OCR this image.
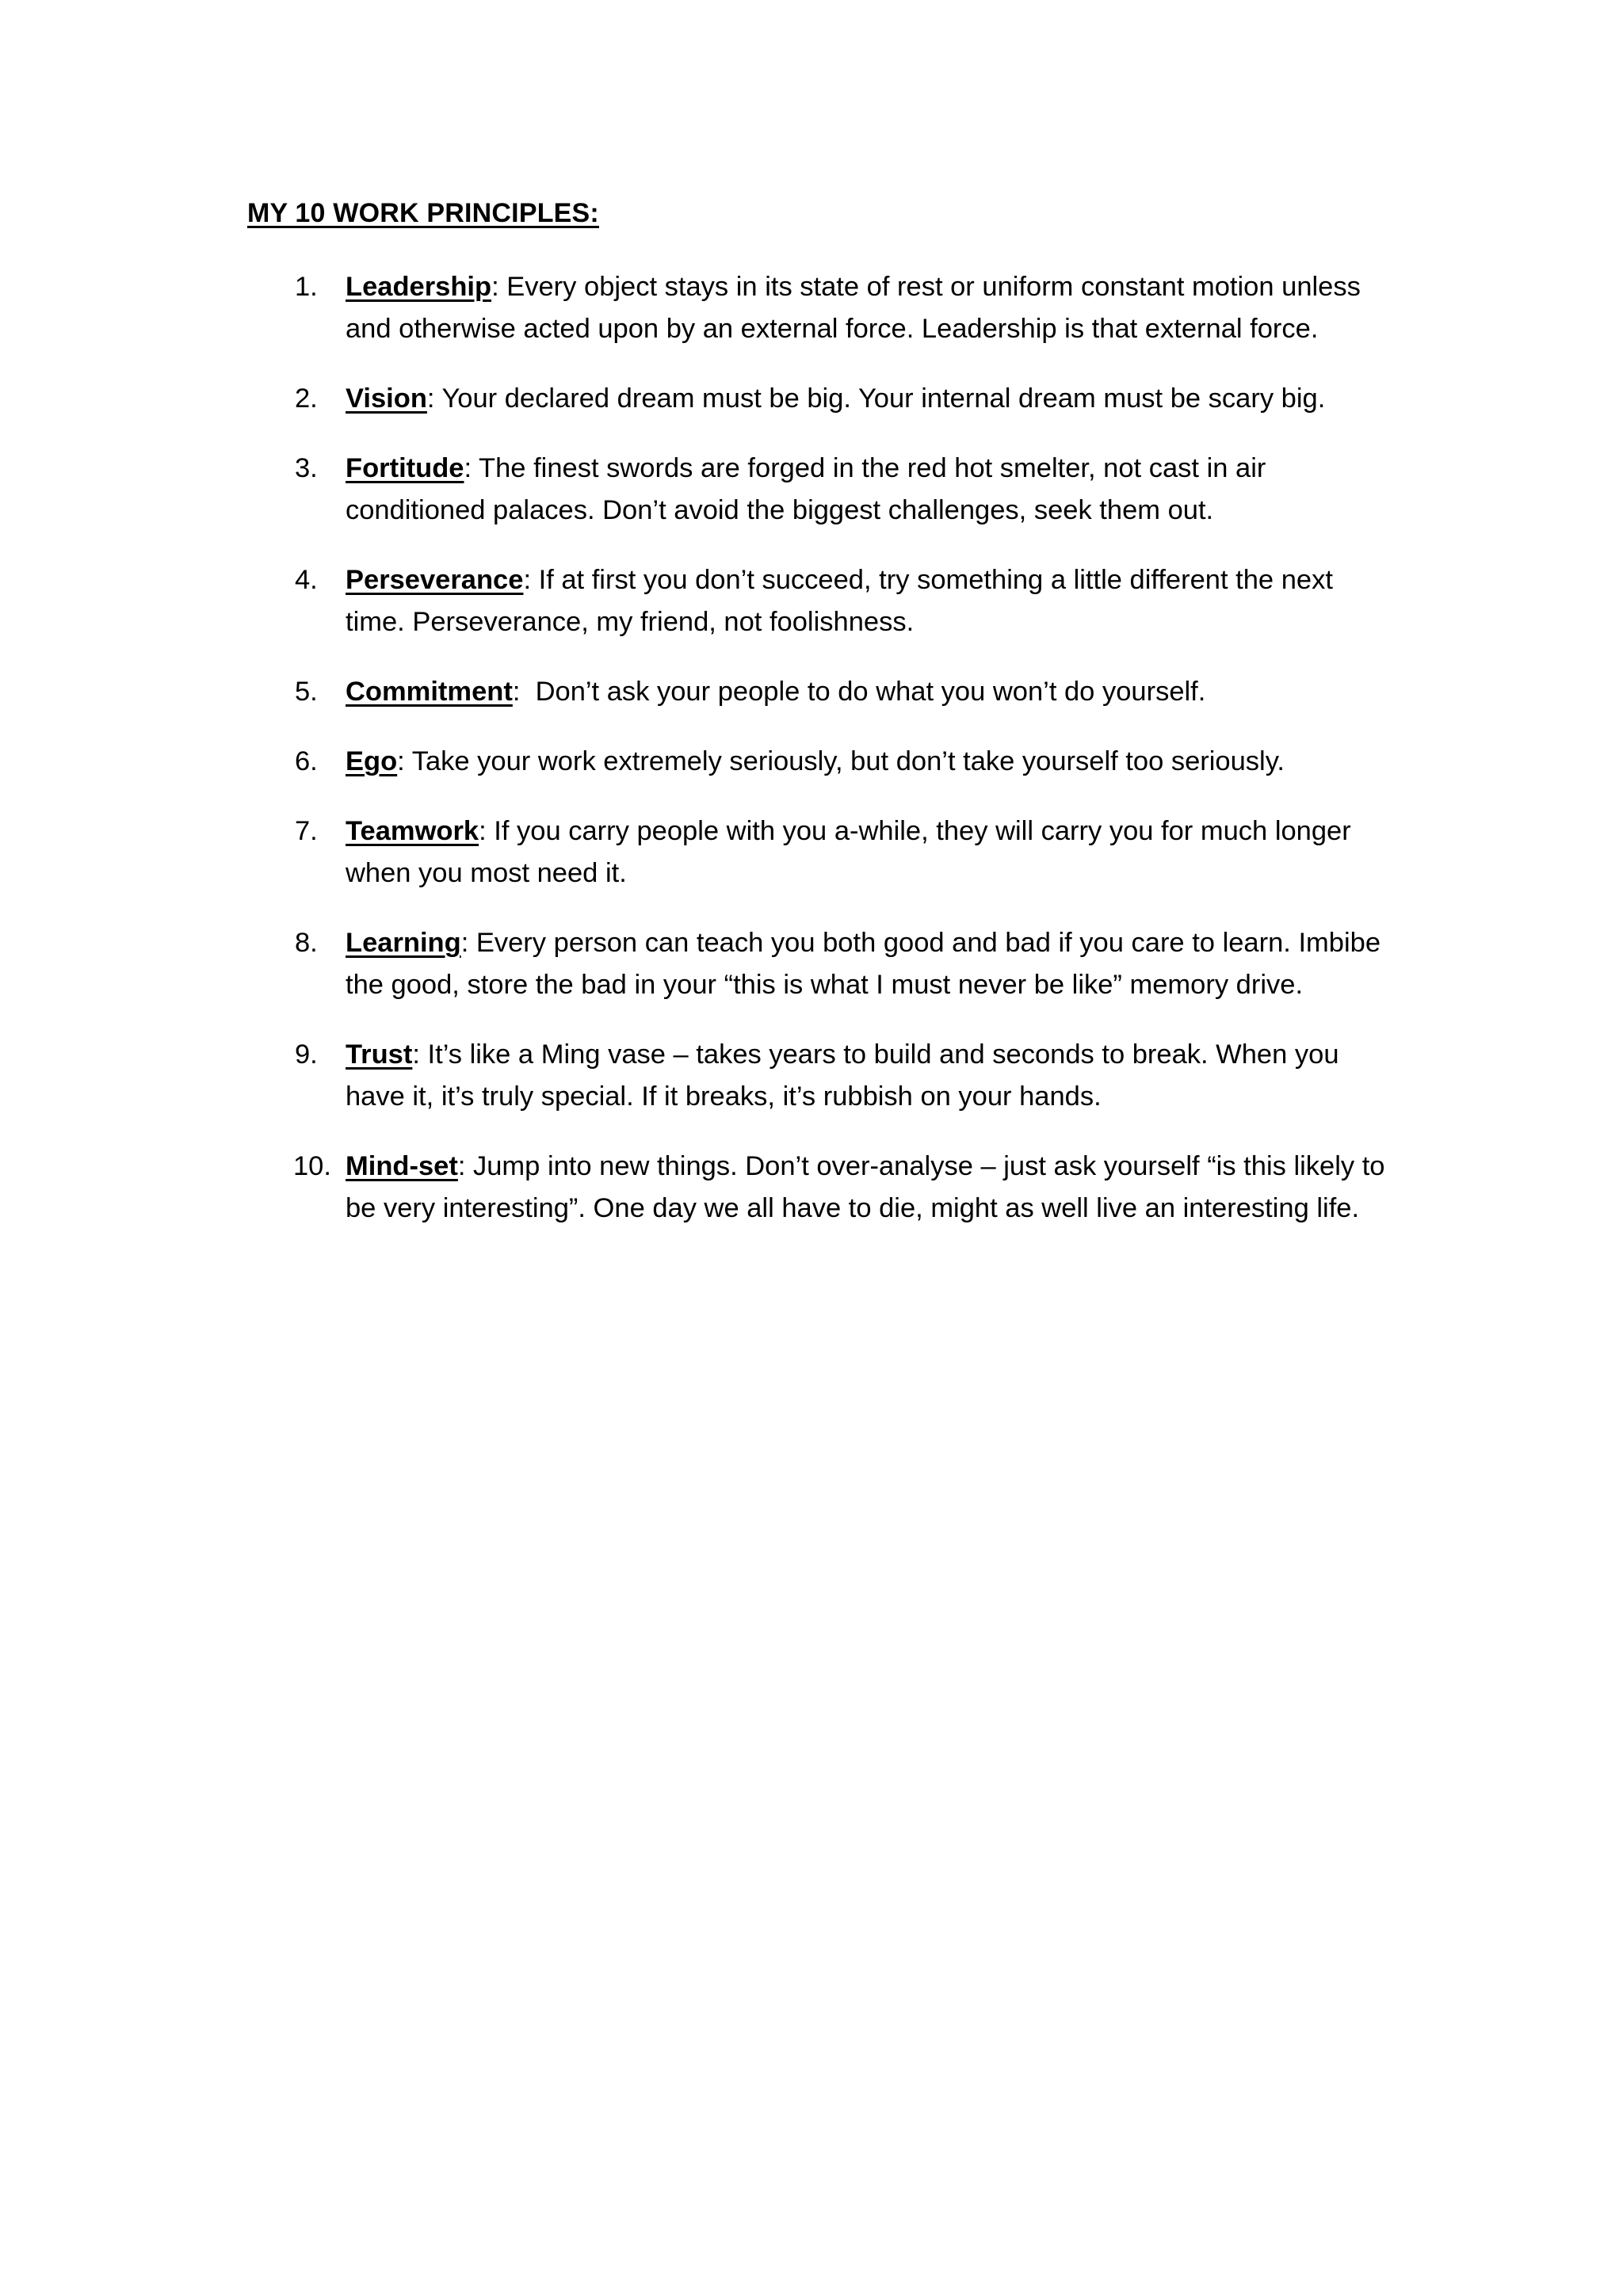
MY 10 WORK PRINCIPLES:
1. Leadership: Every object stays in its state of rest or uniform constant motion unless and otherwise acted upon by an external force. Leadership is that external force.
2. Vision: Your declared dream must be big. Your internal dream must be scary big.
3. Fortitude: The finest swords are forged in the red hot smelter, not cast in air conditioned palaces. Don’t avoid the biggest challenges, seek them out.
4. Perseverance: If at first you don’t succeed, try something a little different the next time. Perseverance, my friend, not foolishness.
5. Commitment:  Don’t ask your people to do what you won’t do yourself.
6. Ego: Take your work extremely seriously, but don’t take yourself too seriously.
7. Teamwork: If you carry people with you a-while, they will carry you for much longer when you most need it.
8. Learning: Every person can teach you both good and bad if you care to learn. Imbibe the good, store the bad in your “this is what I must never be like” memory drive.
9. Trust: It’s like a Ming vase – takes years to build and seconds to break. When you have it, it’s truly special. If it breaks, it’s rubbish on your hands.
10. Mind-set: Jump into new things. Don’t over-analyse – just ask yourself “is this likely to be very interesting”. One day we all have to die, might as well live an interesting life.
